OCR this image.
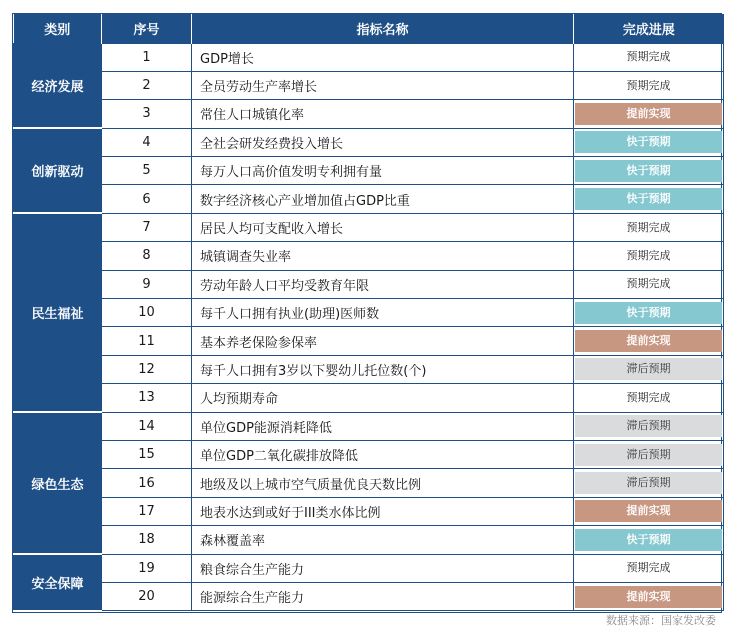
类别	序号	指标名称	完成进展
经济发展	1	GDP增长	预期完成

	2	全员劳动生产率增长	预期完成

	3	常住人口城镇化率	提前实现

创新驱动	4	全社会研发经费投入增长	快于预期

	5	每万人口高价值发明专利拥有量	快于预期

	6	数字经济核心产业增加值占GDP比重	快于预期

民生福祉	7	居民人均可支配收入增长	预期完成

	8	城镇调查失业率	预期完成

	9	劳动年龄人口平均受教育年限	预期完成

	10	每千人口拥有执业(助理)医师数	快于预期

	11	基本养老保险参保率	提前实现

	12	每千人口拥有3岁以下婴幼儿托位数(个)	滞后预期

	13	人均预期寿命	预期完成

绿色生态	14	单位GDP能源消耗降低	滞后预期

	15	单位GDP二氧化碳排放降低	滞后预期

	16	地级及以上城市空气质量优良天数比例	滞后预期

	17	地表水达到或好于III类水体比例	提前实现

	18	森林覆盖率	快于预期

安全保障	19	粮食综合生产能力	预期完成

	20	能源综合生产能力	提前实现
数据来源：国家发改委
